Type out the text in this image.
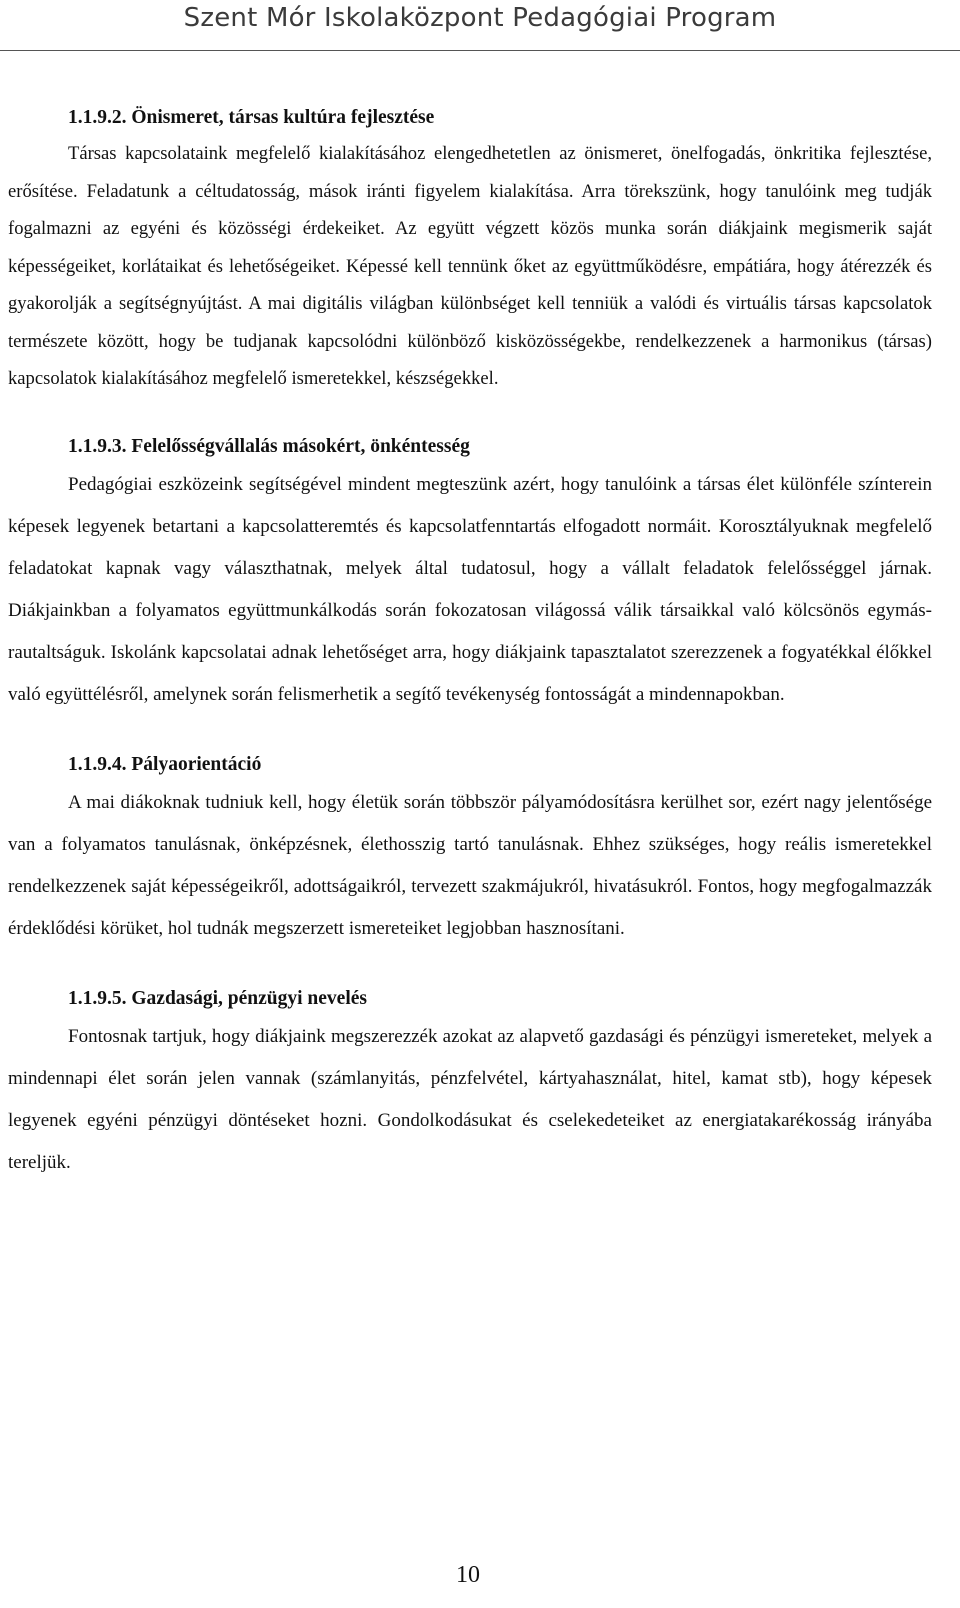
Szent Mór Iskolaközpont Pedagógiai Program
1.1.9.2. Önismeret, társas kultúra fejlesztése

Társas kapcsolataink megfelelő kialakításához elengedhetetlen az önismeret, önelfogadás, önkritika fejlesztése, erősítése. Feladatunk a céltudatosság, mások iránti figyelem kialakítása. Arra törekszünk, hogy tanulóink meg tudják fogalmazni az egyéni és közösségi érdekeiket. Az együtt végzett közös munka során diákjaink megismerik saját képességeiket, korlátaikat és lehetőségeiket. Képessé kell tennünk őket az együttműködésre, empátiára, hogy átérezzék és gyakorolják a segítségnyújtást. A mai digitális világban különbséget kell tenniük a valódi és virtuális társas kapcsolatok természete között, hogy be tudjanak kapcsolódni különböző kisközösségekbe, rendelkezzenek a harmonikus (társas) kapcsolatok kialakításához megfelelő ismeretekkel, készségekkel.

1.1.9.3. Felelősségvállalás másokért, önkéntesség

Pedagógiai eszközeink segítségével mindent megteszünk azért, hogy tanulóink a társas élet különféle színterein képesek legyenek betartani a kapcsolatteremtés és kapcsolatfenntartás elfogadott normáit. Korosztályuknak megfelelő feladatokat kapnak vagy választhatnak, melyek által tudatosul, hogy a vállalt feladatok felelősséggel járnak. Diákjainkban a folyamatos együttmunkálkodás során fokozatosan világossá válik társaikkal való kölcsönös egymásrautaltságuk. Iskolánk kapcsolatai adnak lehetőséget arra, hogy diákjaink tapasztalatot szerezzenek a fogyatékkal élőkkel való együttélésről, amelynek során felismerhetik a segítő tevékenység fontosságát a mindennapokban.

1.1.9.4. Pályaorientáció

A mai diákoknak tudniuk kell, hogy életük során többször pályamódosításra kerülhet sor, ezért nagy jelentősége van a folyamatos tanulásnak, önképzésnek, élethosszig tartó tanulásnak. Ehhez szükséges, hogy reális ismeretekkel rendelkezzenek saját képességeikről, adottságaikról, tervezett szakmájukról, hivatásukról. Fontos, hogy megfogalmazzák érdeklődési körüket, hol tudnák megszerzett ismereteiket legjobban hasznosítani.

1.1.9.5. Gazdasági, pénzügyi nevelés

Fontosnak tartjuk, hogy diákjaink megszerezzék azokat az alapvető gazdasági és pénzügyi ismereteket, melyek a mindennapi élet során jelen vannak (számlanyitás, pénzfelvétel, kártyahasználat, hitel, kamat stb), hogy képesek legyenek egyéni pénzügyi döntéseket hozni. Gondolkodásukat és cselekedeteiket az energiatakarékosság irányába tereljük.

10
